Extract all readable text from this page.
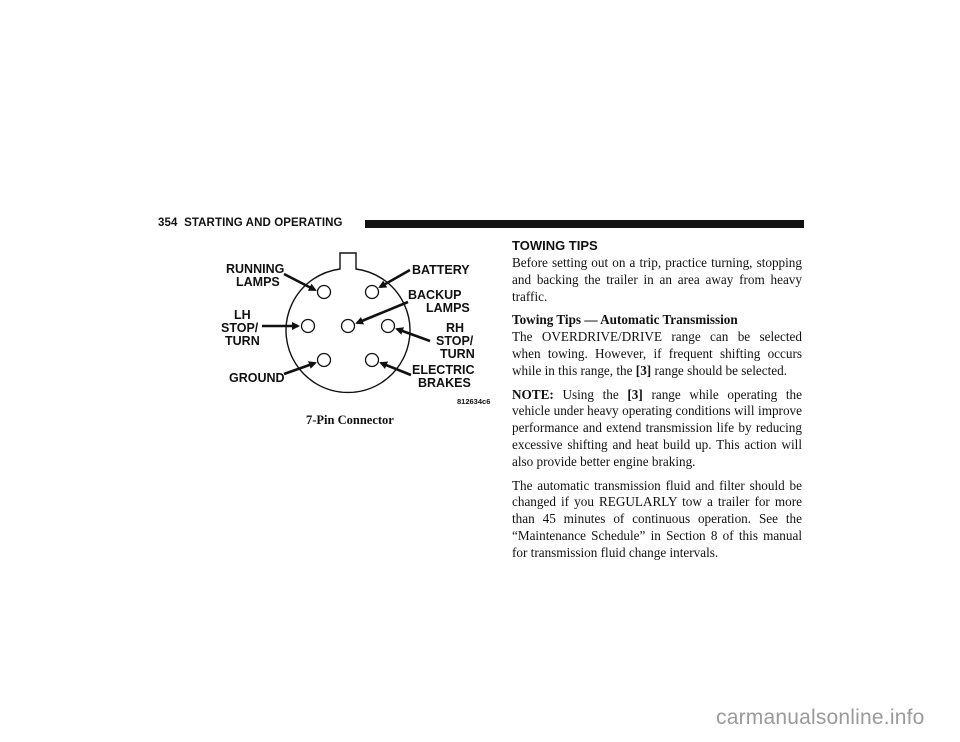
354 STARTING AND OPERATING
RUNNING
LAMPS
BATTERY
BACKUP
LAMPS
LH
STOP/
TURN
RH
STOP/
TURN
GROUND
ELECTRIC
BRAKES
812634c6
7-Pin Connector
TOWING TIPS

Before setting out on a trip, practice turning, stopping and backing the trailer in an area away from heavy traffic.

Towing Tips — Automatic Transmission

The OVERDRIVE/DRIVE range can be selected when towing. However, if frequent shifting occurs while in this range, the [3] range should be selected.

NOTE: Using the [3] range while operating the vehicle under heavy operating conditions will improve performance and extend transmission life by reducing excessive shifting and heat build up. This action will also provide better engine braking.

The automatic transmission fluid and filter should be changed if you REGULARLY tow a trailer for more than 45 minutes of continuous operation. See the “Maintenance Schedule” in Section 8 of this manual for transmission fluid change intervals.

carmanualsonline.info
